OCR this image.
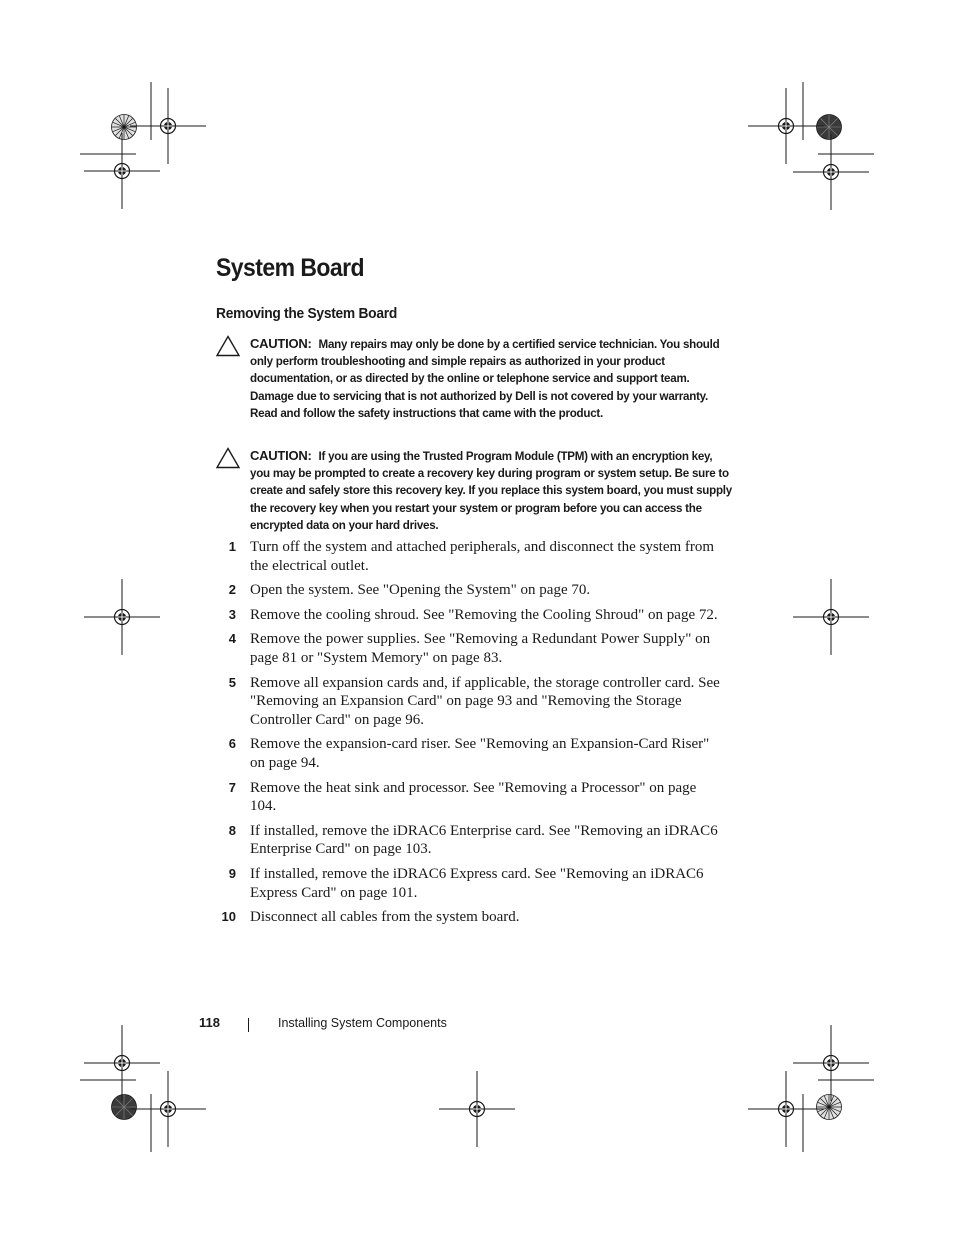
System Board
Removing the System Board
CAUTION: Many repairs may only be done by a certified service technician. You should only perform troubleshooting and simple repairs as authorized in your product documentation, or as directed by the online or telephone service and support team. Damage due to servicing that is not authorized by Dell is not covered by your warranty. Read and follow the safety instructions that came with the product.
CAUTION: If you are using the Trusted Program Module (TPM) with an encryption key, you may be prompted to create a recovery key during program or system setup. Be sure to create and safely store this recovery key. If you replace this system board, you must supply the recovery key when you restart your system or program before you can access the encrypted data on your hard drives.
1 Turn off the system and attached peripherals, and disconnect the system from the electrical outlet.
2 Open the system. See "Opening the System" on page 70.
3 Remove the cooling shroud. See "Removing the Cooling Shroud" on page 72.
4 Remove the power supplies. See "Removing a Redundant Power Supply" on page 81 or "System Memory" on page 83.
5 Remove all expansion cards and, if applicable, the storage controller card. See "Removing an Expansion Card" on page 93 and "Removing the Storage Controller Card" on page 96.
6 Remove the expansion-card riser. See "Removing an Expansion-Card Riser" on page 94.
7 Remove the heat sink and processor. See "Removing a Processor" on page 104.
8 If installed, remove the iDRAC6 Enterprise card. See "Removing an iDRAC6 Enterprise Card" on page 103.
9 If installed, remove the iDRAC6 Express card. See "Removing an iDRAC6 Express Card" on page 101.
10 Disconnect all cables from the system board.
118	Installing System Components
